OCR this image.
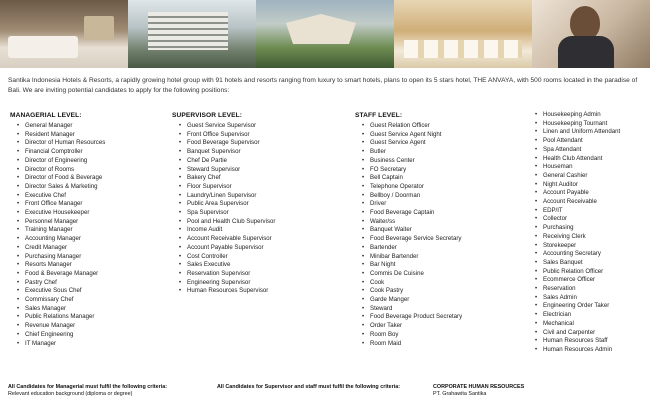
Santika Indonesia Hotels & Resorts, a rapidly growing hotel group with 91 hotels and resorts ranging from luxury to smart hotels, plans to open its 5 stars hotel, THE ANVAYA, with 500 rooms located in the paradise of Bali. We are inviting potential candidates to apply for the following positions:
MANAGERIAL LEVEL:
• General Manager
• Resident Manager
• Director of Human Resources
• Financial Comptroller
• Director of Engineering
• Director of Rooms
• Director of Food & Beverage
• Director Sales & Marketing
• Executive Chef
• Front Office Manager
• Executive Housekeeper
• Personnel Manager
• Training Manager
• Accounting Manager
• Credit Manager
• Purchasing Manager
• Resorts Manager
• Food & Beverage Manager
• Pastry Chef
• Executive Sous Chef
• Commissary Chef
• Sales Manager
• Public Relations Manager
• Revenue Manager
• Chief Engineering
• IT Manager
SUPERVISOR LEVEL:
• Guest Service Supervisor
• Front Office Supervisor
• Food Beverage Supervisor
• Banquet Supervisor
• Chef De Partie
• Steward Supervisor
• Bakery Chef
• Floor Supervisor
• Laundry/Linen Supervisor
• Public Area Supervisor
• Spa Supervisor
• Pool and Health Club Supervisor
• Income Audit
• Account Receivable Supervisor
• Account Payable Supervisor
• Cost Controller
• Sales Executive
• Reservation Supervisor
• Engineering Supervisor
• Human Resources Supervisor
STAFF LEVEL:
• Guest Relation Officer
• Guest Service Agent Night
• Guest Service Agent
• Butler
• Business Center
• FO Secretary
• Bell Captain
• Telephone Operator
• Bellboy / Doorman
• Driver
• Food Beverage Captain
• Waiter/ss
• Banquet Waiter
• Food Beverage Service Secretary
• Bartender
• Minibar Bartender
• Bar Night
• Commis De Cuisine
• Cook
• Cook Pastry
• Garde Manger
• Steward
• Food Beverage Product Secretary
• Order Taker
• Room Boy
• Room Maid
• Housekeeping Admin
• Housekeeping Tournant
• Linen and Uniform Attendant
• Pool Attendant
• Spa Attendant
• Health Club Attendant
• Houseman
• General Cashier
• Night Auditor
• Account Payable
• Account Receivable
• EDP/IT
• Collector
• Purchasing
• Receiving Clerk
• Storekeeper
• Accounting Secretary
• Sales Banquet
• Public Relation Officer
• Ecommerce Officer
• Reservation
• Sales Admin
• Engineering Order Taker
• Electrician
• Mechanical
• Civil and Carpenter
• Human Resources Staff
• Human Resources Admin
All Candidates for Managerial must fulfil the following criteria:
Relevant education background (diploma or degree)
All Candidates for Supervisor and staff must fulfil the following criteria:	CORPORATE HUMAN RESOURCES
PT. Grahawita Santika
